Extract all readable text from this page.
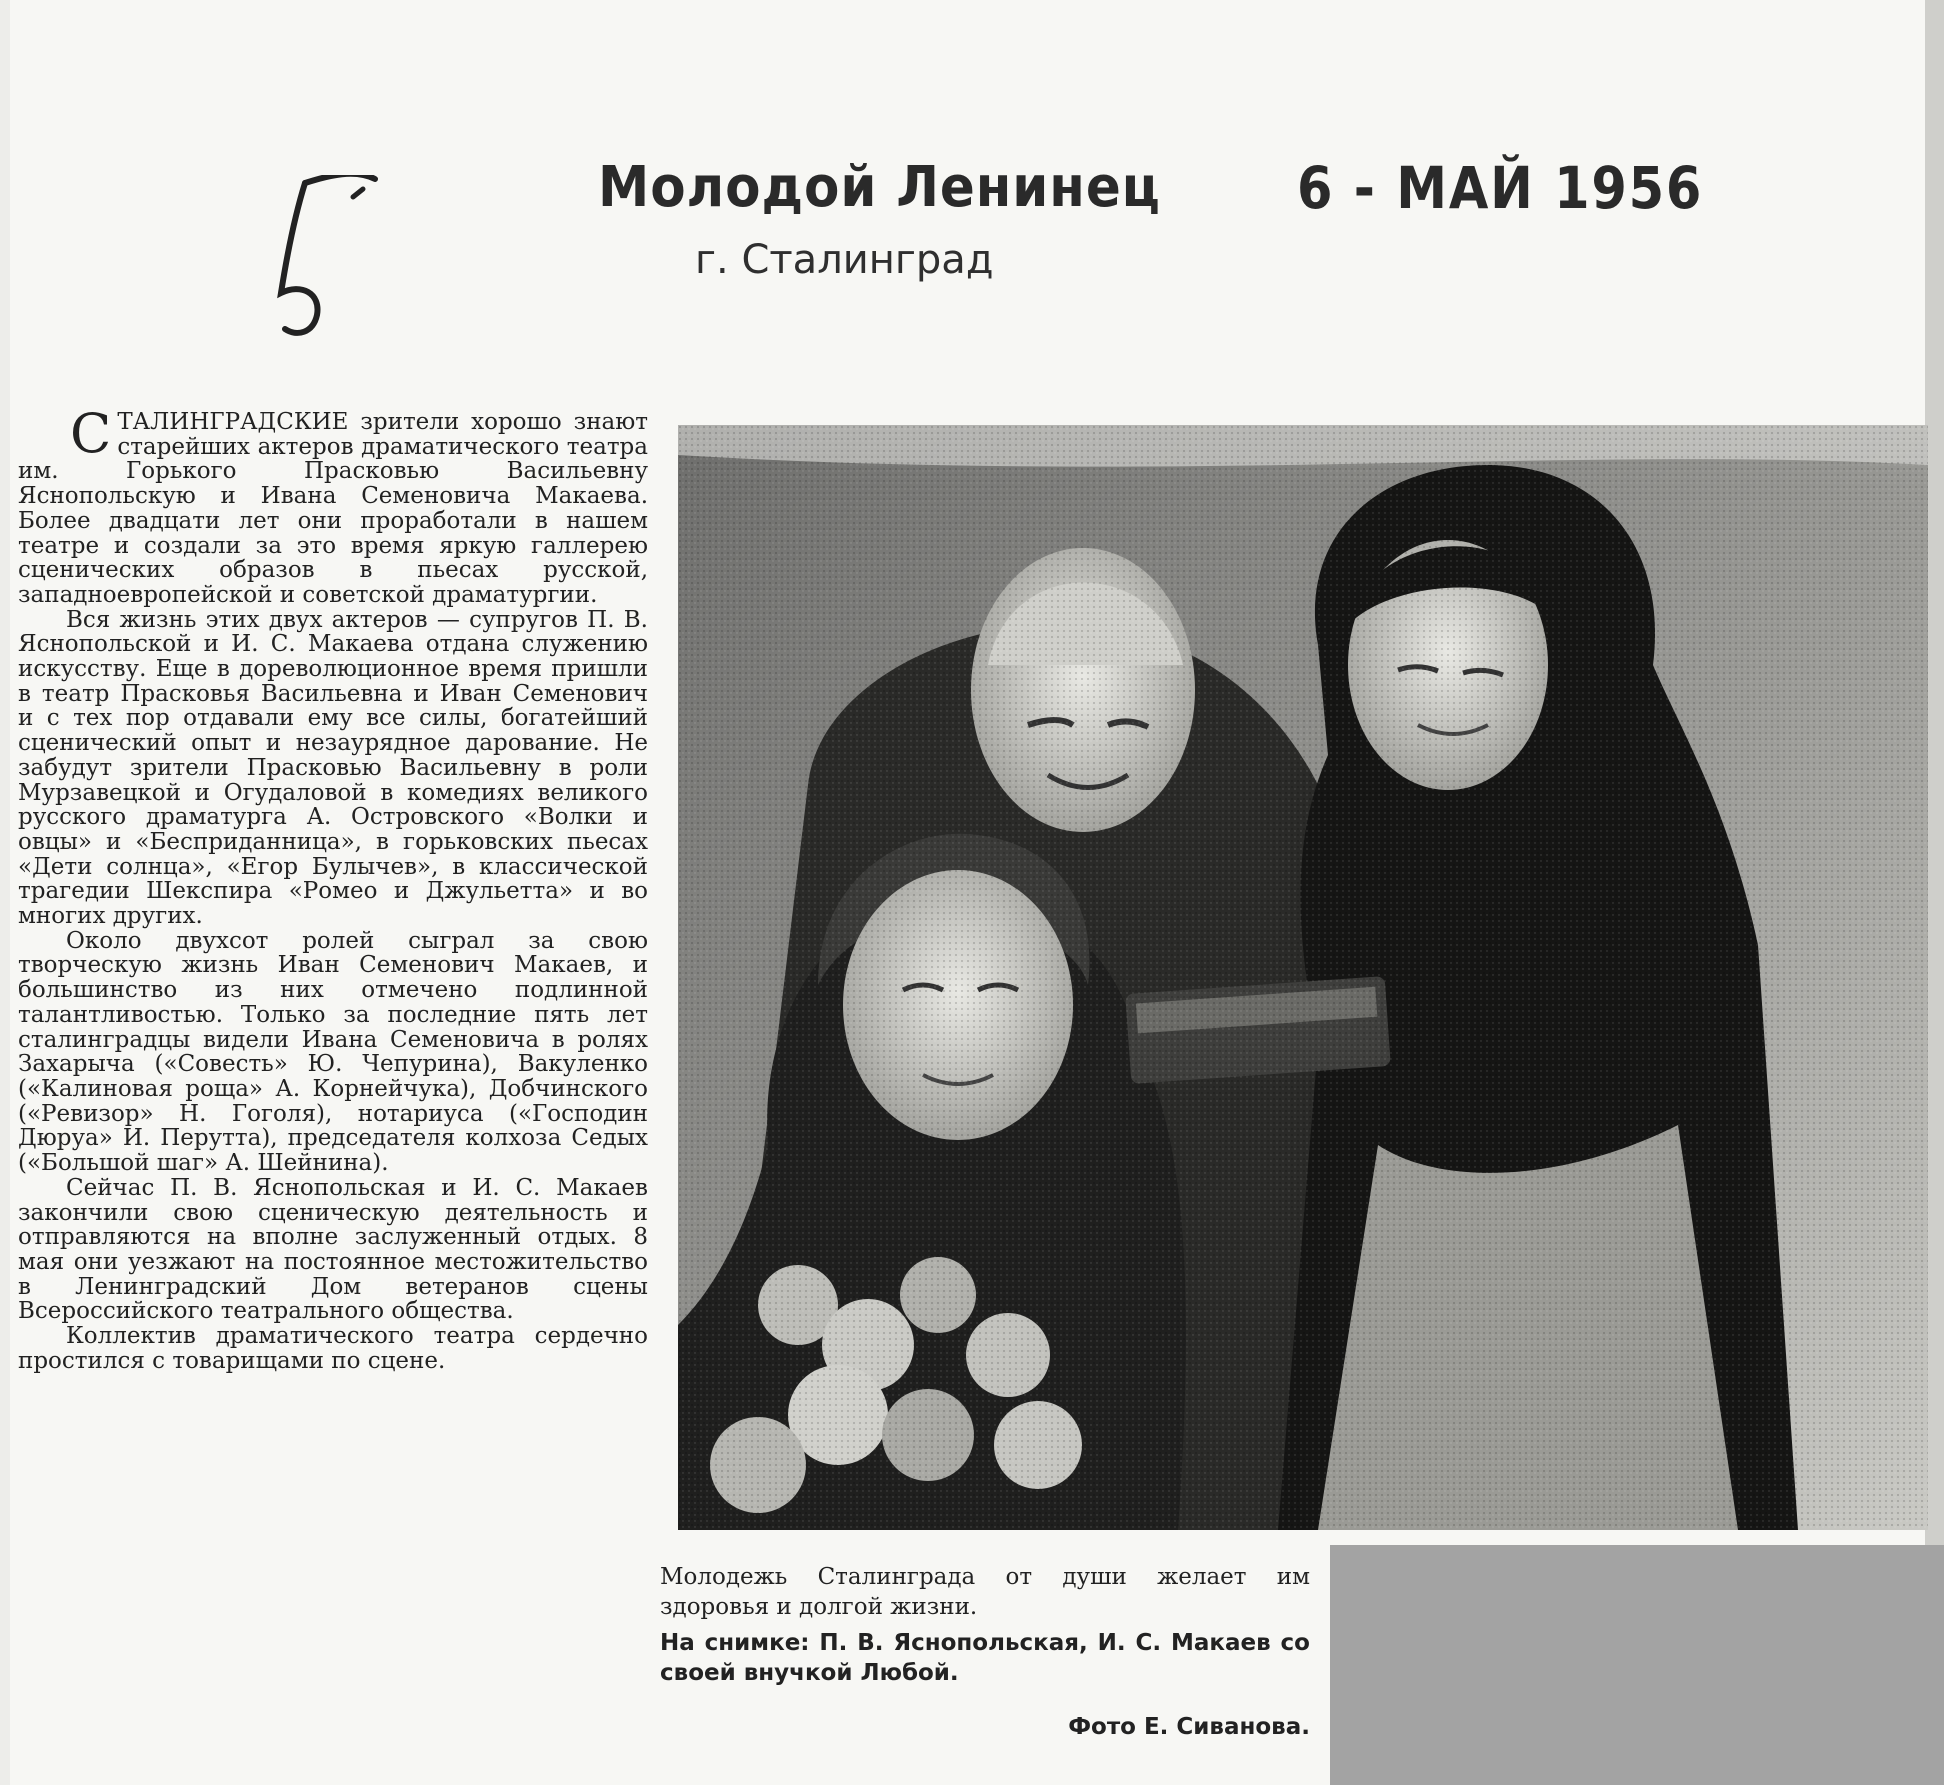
Молодой Ленинец 6 - МАЙ 1956
г. Сталинград

СТАЛИНГРАДСКИЕ зрители хорошо знают старейших актеров драматического театра им. Горького Прасковью Васильевну Яснопольскую и Ивана Семеновича Макаева. Более двадцати лет они проработали в нашем театре и создали за это время яркую галлерею сценических образов в пьесах русской, западноевропейской и советской драматургии.

Вся жизнь этих двух актеров — супругов П. В. Яснопольской и И. С. Макаева отдана служению искусству. Еще в дореволюционное время пришли в театр Прасковья Васильевна и Иван Семенович и с тех пор отдавали ему все силы, богатейший сценический опыт и незаурядное дарование. Не забудут зрители Прасковью Васильевну в роли Мурзавецкой и Огудаловой в комедиях великого русского драматурга А. Островского «Волки и овцы» и «Бесприданница», в горьковских пьесах «Дети солнца», «Егор Булычев», в классической трагедии Шекспира «Ромео и Джульетта» и во многих других.

Около двухсот ролей сыграл за свою творческую жизнь Иван Семенович Макаев, и большинство из них отмечено подлинной талантливостью. Только за последние пять лет сталинградцы видели Ивана Семеновича в ролях Захарыча («Совесть» Ю. Чепурина), Вакуленко («Калиновая роща» А. Корнейчука), Добчинского («Ревизор» Н. Гоголя), нотариуса («Господин Дюруа» И. Перутта), председателя колхоза Седых («Большой шаг» А. Шейнина).

Сейчас П. В. Яснопольская и И. С. Макаев закончили свою сценическую деятельность и отправляются на вполне заслуженный отдых. 8 мая они уезжают на постоянное местожительство в Ленинградский Дом ветеранов сцены Всероссийского театрального общества.

Коллектив драматического театра сердечно простился с товарищами по сцене.

Молодежь Сталинграда от души желает им здоровья и долгой жизни.

На снимке: П. В. Яснопольская, И. С. Макаев со своей внучкой Любой.

Фото Е. Сиванова.
